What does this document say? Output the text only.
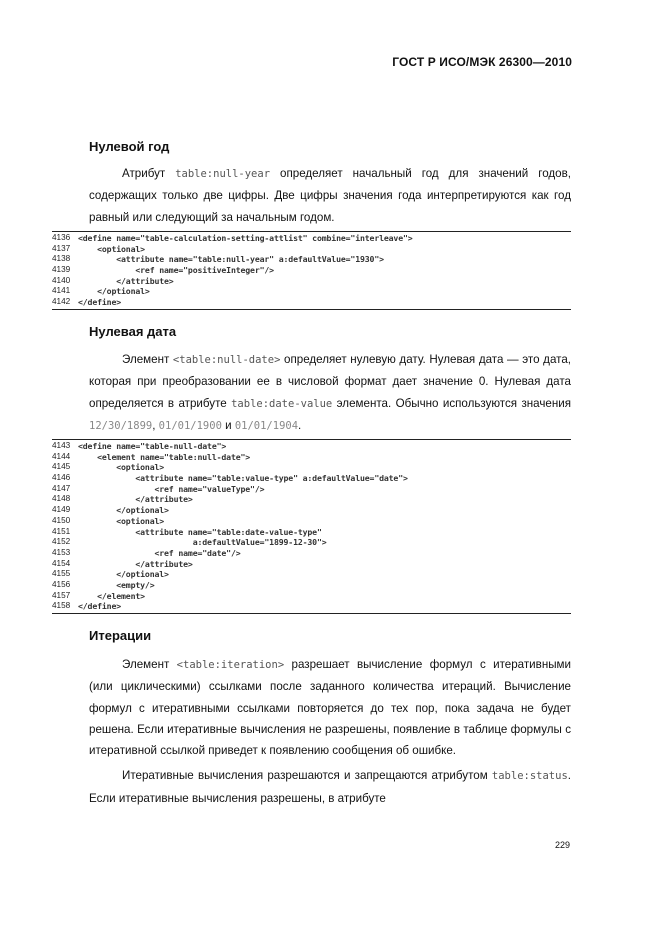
ГОСТ Р ИСО/МЭК 26300—2010
Нулевой год

Атрибут table:null-year определяет начальный год для значений годов, содержащих только две цифры. Две цифры значения года интерпретируются как год равный или следующий за начальным годом.

4136 <define name="table-calculation-setting-attlist" combine="interleave">
4137 <optional>
4138 <attribute name="table:null-year" a:defaultValue="1930">
4139 <ref name="positiveInteger"/>
4140 </attribute>
4141 </optional>
4142 </define>
Нулевая дата

Элемент <table:null-date> определяет нулевую дату. Нулевая дата — это дата, которая при преобразовании ее в числовой формат дает значение 0. Нулевая дата определяется в атрибуте table:date-value элемента. Обычно используются значения 12/30/1899, 01/01/1900 и 01/01/1904.

4143 <define name="table-null-date">
4144 <element name="table:null-date">
4145 <optional>
4146 <attribute name="table:value-type" a:defaultValue="date">
4147 <ref name="valueType"/>
4148 </attribute>
4149 </optional>
4150 <optional>
4151 <attribute name="table:date-value-type"
4152 a:defaultValue="1899-12-30">
4153 <ref name="date"/>
4154 </attribute>
4155 </optional>
4156 <empty/>
4157 </element>
4158 </define>
Итерации

Элемент <table:iteration> разрешает вычисление формул с итеративными (или циклическими) ссылками после заданного количества итераций. Вычисление формул с итеративными ссылками повторяется до тех пор, пока задача не будет решена. Если итеративные вычисления не разрешены, появление в таблице формулы с итеративной ссылкой приведет к появлению сообщения об ошибке.

Итеративные вычисления разрешаются и запрещаются атрибутом table:status. Если итеративные вычисления разрешены, в атрибуте

229
